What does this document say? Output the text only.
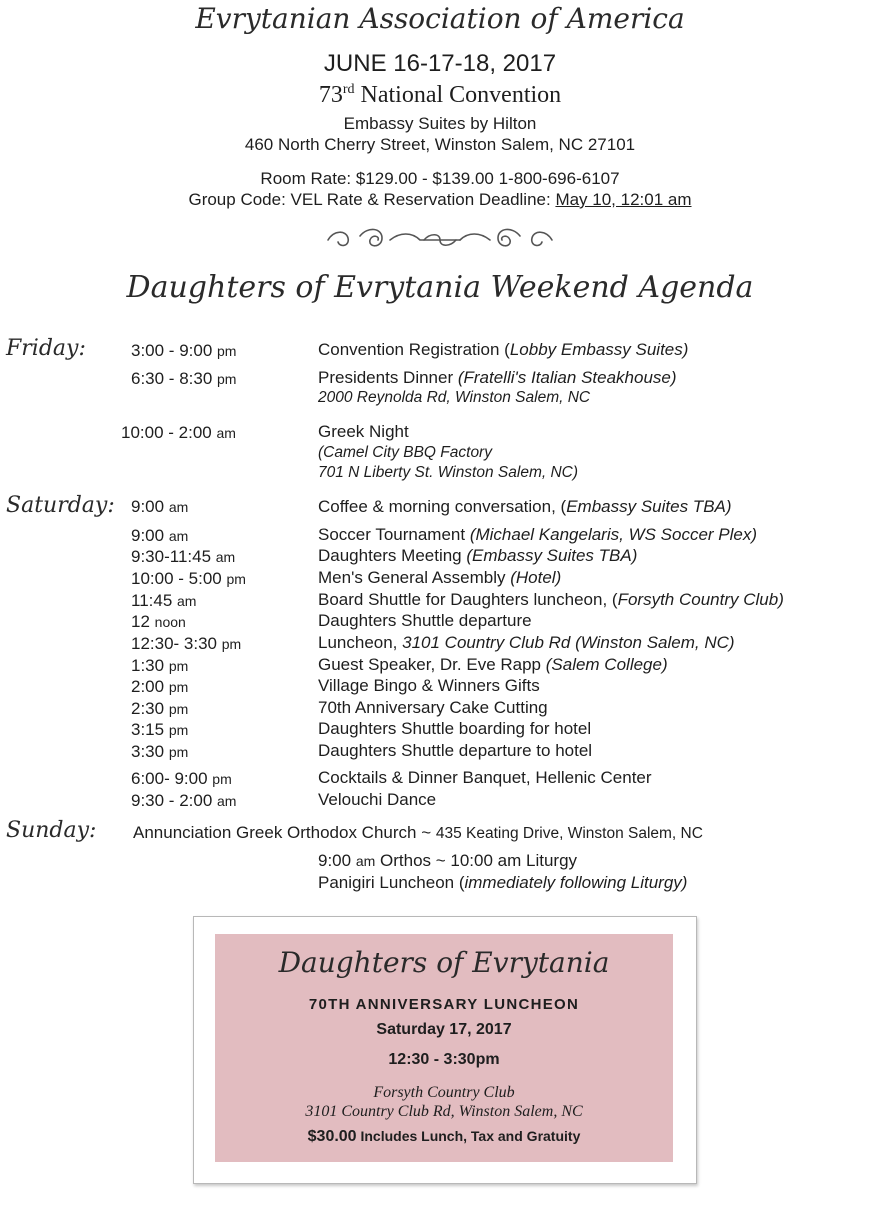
Evrytanian Association of America
JUNE 16-17-18, 2017
73rd National Convention
Embassy Suites by Hilton
460 North Cherry Street, Winston Salem, NC 27101
Room Rate: $129.00 - $139.00 1-800-696-6107
Group Code: VEL Rate & Reservation Deadline: May 10, 12:01 am
Daughters of Evrytania Weekend Agenda
Friday:	3:00 - 9:00 pm	Convention Registration (Lobby Embassy Suites)
6:30 - 8:30 pm	Presidents Dinner (Fratelli's Italian Steakhouse)
2000 Reynolda Rd, Winston Salem, NC
10:00 - 2:00 am	Greek Night
(Camel City BBQ Factory
701 N Liberty St. Winston Salem, NC)
Saturday: 9:00 am	Coffee & morning conversation, (Embassy Suites TBA)
9:00 am	Soccer Tournament (Michael Kangelaris, WS Soccer Plex)
9:30-11:45 am	Daughters Meeting (Embassy Suites TBA)
10:00 - 5:00 pm	Men's General Assembly (Hotel)
11:45 am	Board Shuttle for Daughters luncheon, (Forsyth Country Club)
12 noon	Daughters Shuttle departure
12:30- 3:30 pm	Luncheon, 3101 Country Club Rd (Winston Salem, NC)
1:30 pm	Guest Speaker, Dr. Eve Rapp (Salem College)
2:00 pm	Village Bingo & Winners Gifts
2:30 pm	70th Anniversary Cake Cutting
3:15 pm	Daughters Shuttle boarding for hotel
3:30 pm	Daughters Shuttle departure to hotel
6:00- 9:00 pm	Cocktails & Dinner Banquet, Hellenic Center
9:30 - 2:00 am	Velouchi Dance
Sunday: Annunciation Greek Orthodox Church ~ 435 Keating Drive, Winston Salem, NC
9:00 am Orthos ~ 10:00 am Liturgy
Panigiri Luncheon (immediately following Liturgy)
Daughters of Evrytania
70TH ANNIVERSARY LUNCHEON
Saturday 17, 2017
12:30 - 3:30pm
Forsyth Country Club
3101 Country Club Rd, Winston Salem, NC
$30.00 Includes Lunch, Tax and Gratuity
